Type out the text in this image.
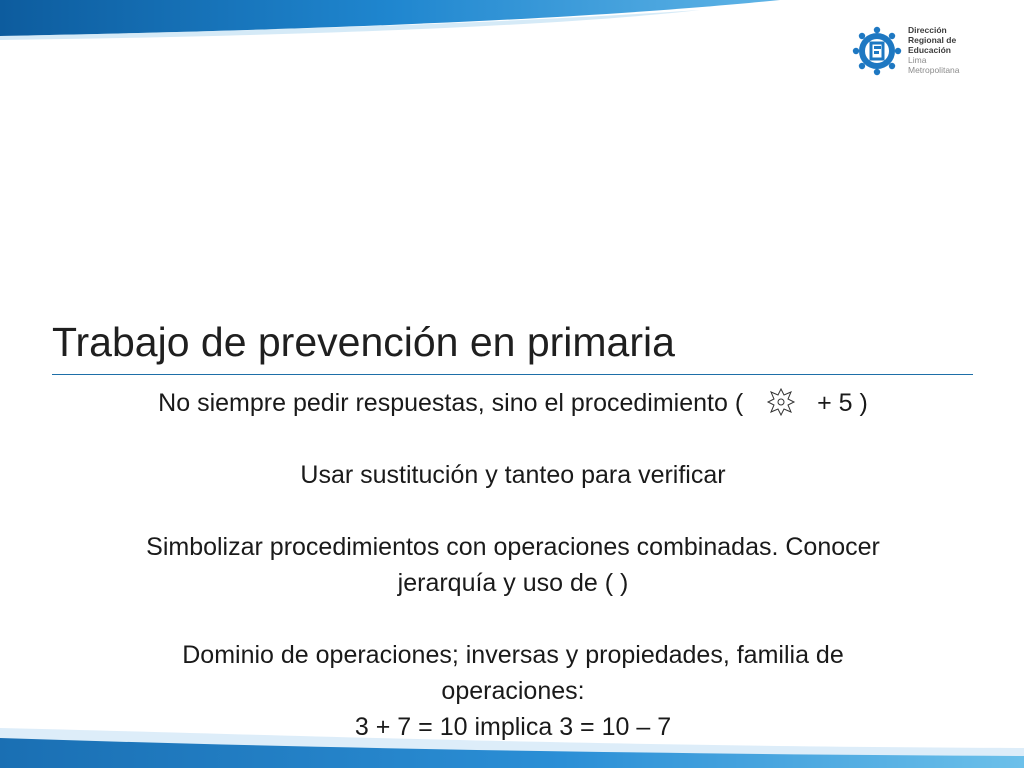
Dirección
Regional de
Educación
Lima
Metropolitana
Trabajo de prevención en primaria
No siempre pedir respuestas, sino el procedimiento (	+ 5 )
Usar sustitución y tanteo para verificar
Simbolizar procedimientos con operaciones combinadas. Conocer
jerarquía y uso de ( )
Dominio de operaciones; inversas y propiedades, familia de
operaciones:
3 + 7 = 10 implica 3 = 10 – 7
